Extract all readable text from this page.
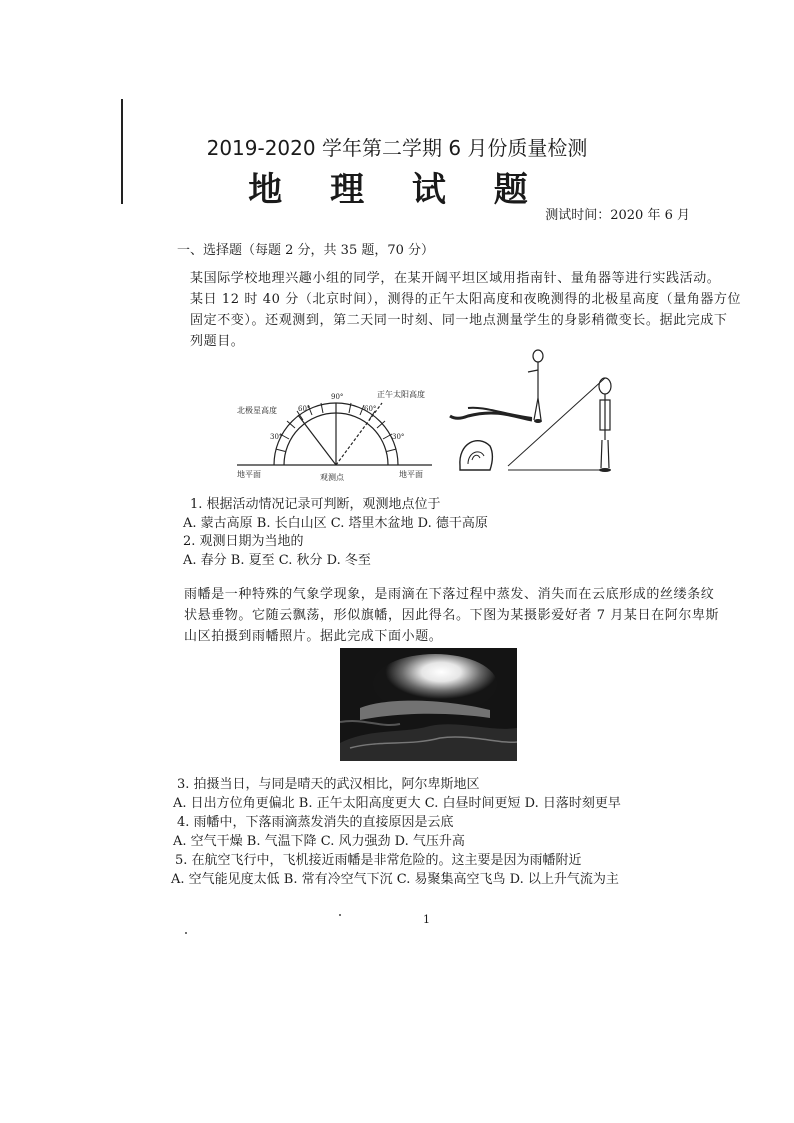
2019-2020 学年第二学期 6 月份质量检测
地 理 试 题
测试时间：2020 年 6 月
一、选择题（每题 2 分，共 35 题，70 分）
某国际学校地理兴趣小组的同学，在某开阔平坦区域用指南针、量角器等进行实践活动。
某日 12 时 40 分（北京时间），测得的正午太阳高度和夜晚测得的北极星高度（量角器方位
固定不变）。还观测到，第二天同一时刻、同一地点测量学生的身影稍微变长。据此完成下
列题目。
北极星高度
正午太阳高度
90°
60°	60°
30°	30°
地平面	地平面
观测点
1. 根据活动情况记录可判断，观测地点位于
A. 蒙古高原 B. 长白山区 C. 塔里木盆地 D. 德干高原
2. 观测日期为当地的
A. 春分 B. 夏至 C. 秋分 D. 冬至
雨幡是一种特殊的气象学现象，是雨滴在下落过程中蒸发、消失而在云底形成的丝缕条纹
状悬垂物。它随云飘荡，形似旗幡，因此得名。下图为某摄影爱好者 7 月某日在阿尔卑斯
山区拍摄到雨幡照片。据此完成下面小题。
3. 拍摄当日，与同是晴天的武汉相比，阿尔卑斯地区
A. 日出方位角更偏北 B. 正午太阳高度更大 C. 白昼时间更短 D. 日落时刻更早
4. 雨幡中，下落雨滴蒸发消失的直接原因是云底
A. 空气干燥 B. 气温下降 C. 风力强劲 D. 气压升高
5. 在航空飞行中，飞机接近雨幡是非常危险的。这主要是因为雨幡附近
A. 空气能见度太低 B. 常有冷空气下沉 C. 易聚集高空飞鸟 D. 以上升气流为主
1
